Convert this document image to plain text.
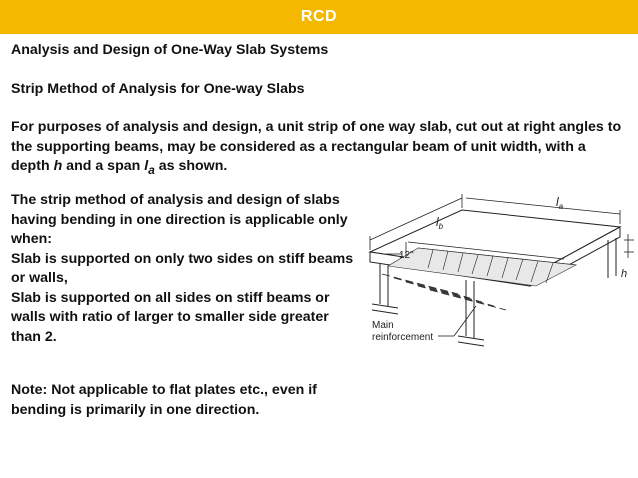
RCD
Analysis and Design of One-Way Slab Systems
Strip Method of Analysis for One-way Slabs
For purposes of analysis and design, a unit strip of one way slab, cut out at right angles to the supporting beams, may be considered as a rectangular beam of unit width, with a depth h and a span $l_a$ as shown.
The strip method of analysis and design of slabs having bending in one direction is applicable only when:
Slab is supported on only two sides on stiff beams or walls,
Slab is supported on all sides on stiff beams or walls with ratio of larger to smaller side greater than 2.
Note: Not applicable to flat plates etc., even if bending is primarily in one direction.
$l_b$
$l_a$
12"
h
Main
reinforcement
